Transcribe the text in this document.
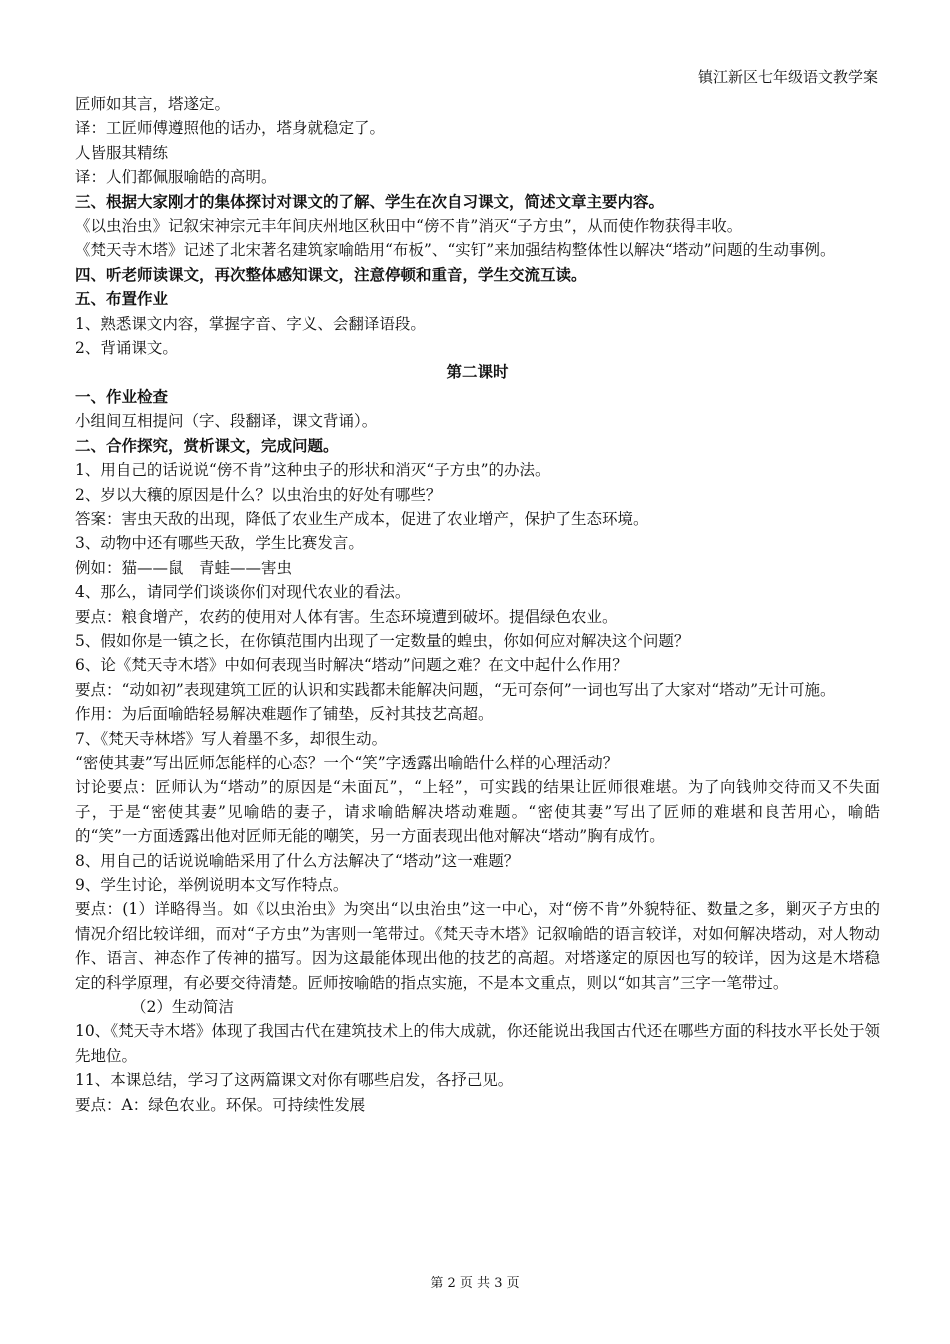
镇江新区七年级语文教学案

匠师如其言，塔遂定。

译：工匠师傅遵照他的话办，塔身就稳定了。

人皆服其精练

译：人们都佩服喻皓的高明。

三、根据大家刚才的集体探讨对课文的了解、学生在次自习课文，简述文章主要内容。

《以虫治虫》记叙宋神宗元丰年间庆州地区秋田中“傍不肯”消灭“子方虫”，从而使作物获得丰收。

《梵天寺木塔》记述了北宋著名建筑家喻皓用“布板”、“实钉”来加强结构整体性以解决“塔动”问题的生动事例。

四、听老师读课文，再次整体感知课文，注意停顿和重音，学生交流互读。

五、布置作业

1、熟悉课文内容，掌握字音、字义、会翻译语段。

2、背诵课文。

第二课时

一、作业检查

小组间互相提问（字、段翻译，课文背诵）。

二、合作探究，赏析课文，完成问题。

1、用自己的话说说“傍不肯”这种虫子的形状和消灭“子方虫”的办法。

2、岁以大穰的原因是什么？以虫治虫的好处有哪些？

答案：害虫天敌的出现，降低了农业生产成本，促进了农业增产，保护了生态环境。

3、动物中还有哪些天敌，学生比赛发言。

例如：猫——鼠　青蛙——害虫

4、那么，请同学们谈谈你们对现代农业的看法。

要点：粮食增产，农药的使用对人体有害。生态环境遭到破坏。提倡绿色农业。

5、假如你是一镇之长，在你镇范围内出现了一定数量的蝗虫，你如何应对解决这个问题？

6、论《梵天寺木塔》中如何表现当时解决“塔动”问题之难？在文中起什么作用？

要点：“动如初”表现建筑工匠的认识和实践都未能解决问题，“无可奈何”一词也写出了大家对“塔动”无计可施。

作用：为后面喻皓轻易解决难题作了铺垫，反衬其技艺高超。

7、《梵天寺林塔》写人着墨不多，却很生动。

“密使其妻”写出匠师怎能样的心态？一个“笑”字透露出喻皓什么样的心理活动？

讨论要点：匠师认为“塔动”的原因是“未面瓦”，“上轻”，可实践的结果让匠师很难堪。为了向钱帅交待而又不失面子，于是“密使其妻”见喻皓的妻子，请求喻皓解决塔动难题。“密使其妻”写出了匠师的难堪和良苦用心，喻皓的“笑”一方面透露出他对匠师无能的嘲笑，另一方面表现出他对解决“塔动”胸有成竹。

8、用自己的话说说喻皓采用了什么方法解决了“塔动”这一难题？

9、学生讨论，举例说明本文写作特点。

要点：(1）详略得当。如《以虫治虫》为突出“以虫治虫”这一中心，对“傍不肯”外貌特征、数量之多，剿灭子方虫的情况介绍比较详细，而对“子方虫”为害则一笔带过。《梵天寺木塔》记叙喻皓的语言较详，对如何解决塔动，对人物动作、语言、神态作了传神的描写。因为这最能体现出他的技艺的高超。对塔遂定的原因也写的较详，因为这是木塔稳定的科学原理，有必要交待清楚。匠师按喻皓的指点实施，不是本文重点，则以“如其言”三字一笔带过。

（2）生动简洁

10、《梵天寺木塔》体现了我国古代在建筑技术上的伟大成就，你还能说出我国古代还在哪些方面的科技水平长处于领先地位。

11、本课总结，学习了这两篇课文对你有哪些启发，各抒己见。

要点：A：绿色农业。环保。可持续性发展

第 2 页 共 3 页
